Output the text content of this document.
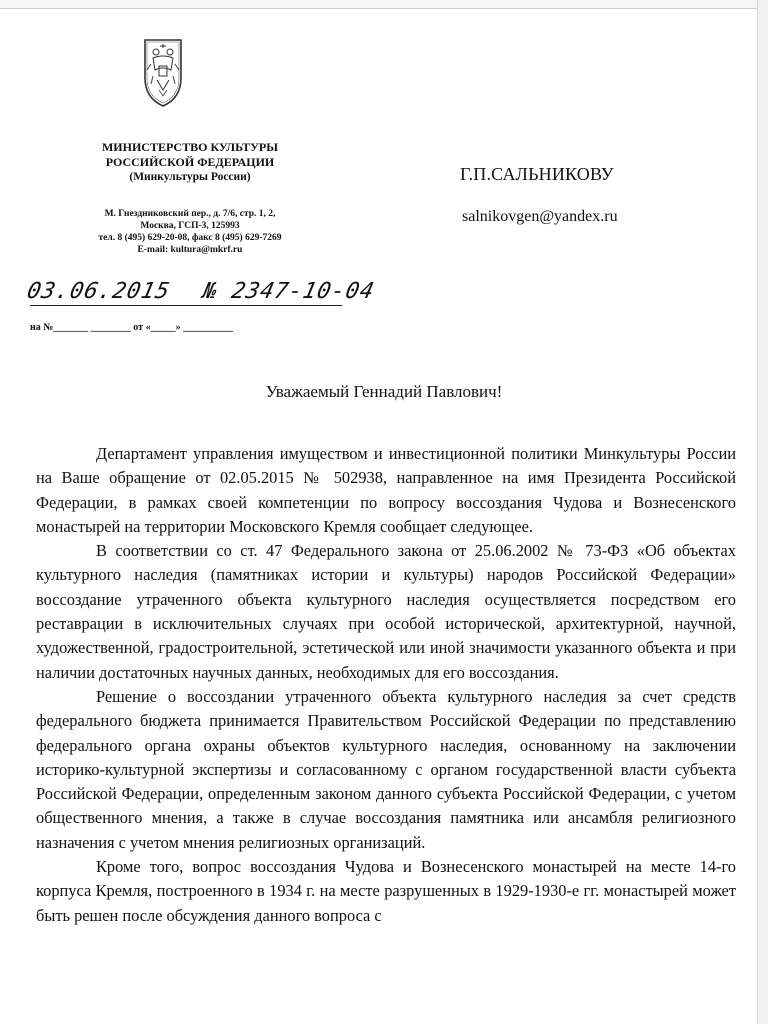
МИНИСТЕРСТВО КУЛЬТУРЫ
РОССИЙСКОЙ ФЕДЕРАЦИИ
(Минкультуры России)
М. Гнездниковский пер., д. 7/6, стр. 1, 2,
Москва, ГСП-3, 125993
тел. 8 (495) 629-20-08, факс 8 (495) 629-7269
E-mail: kultura@mkrf.ru
Г.П.САЛЬНИКОВУ
salnikovgen@yandex.ru
03.06.2015 № 2347-10-04
на №_______ ________ от «_____» __________
Уважаемый Геннадий Павлович!

Департамент управления имуществом и инвестиционной политики Минкультуры России на Ваше обращение от 02.05.2015 № 502938, направленное на имя Президента Российской Федерации, в рамках своей компетенции по вопросу воссоздания Чудова и Вознесенского монастырей на территории Московского Кремля сообщает следующее.

В соответствии со ст. 47 Федерального закона от 25.06.2002 № 73-ФЗ «Об объектах культурного наследия (памятниках истории и культуры) народов Российской Федерации» воссоздание утраченного объекта культурного наследия осуществляется посредством его реставрации в исключительных случаях при особой исторической, архитектурной, научной, художественной, градостроительной, эстетической или иной значимости указанного объекта и при наличии достаточных научных данных, необходимых для его воссоздания.

Решение о воссоздании утраченного объекта культурного наследия за счет средств федерального бюджета принимается Правительством Российской Федерации по представлению федерального органа охраны объектов культурного наследия, основанному на заключении историко-культурной экспертизы и согласованному с органом государственной власти субъекта Российской Федерации, определенным законом данного субъекта Российской Федерации, с учетом общественного мнения, а также в случае воссоздания памятника или ансамбля религиозного назначения с учетом мнения религиозных организаций.

Кроме того, вопрос воссоздания Чудова и Вознесенского монастырей на месте 14-го корпуса Кремля, построенного в 1934 г. на месте разрушенных в 1929-1930-е гг. монастырей может быть решен после обсуждения данного вопроса с
